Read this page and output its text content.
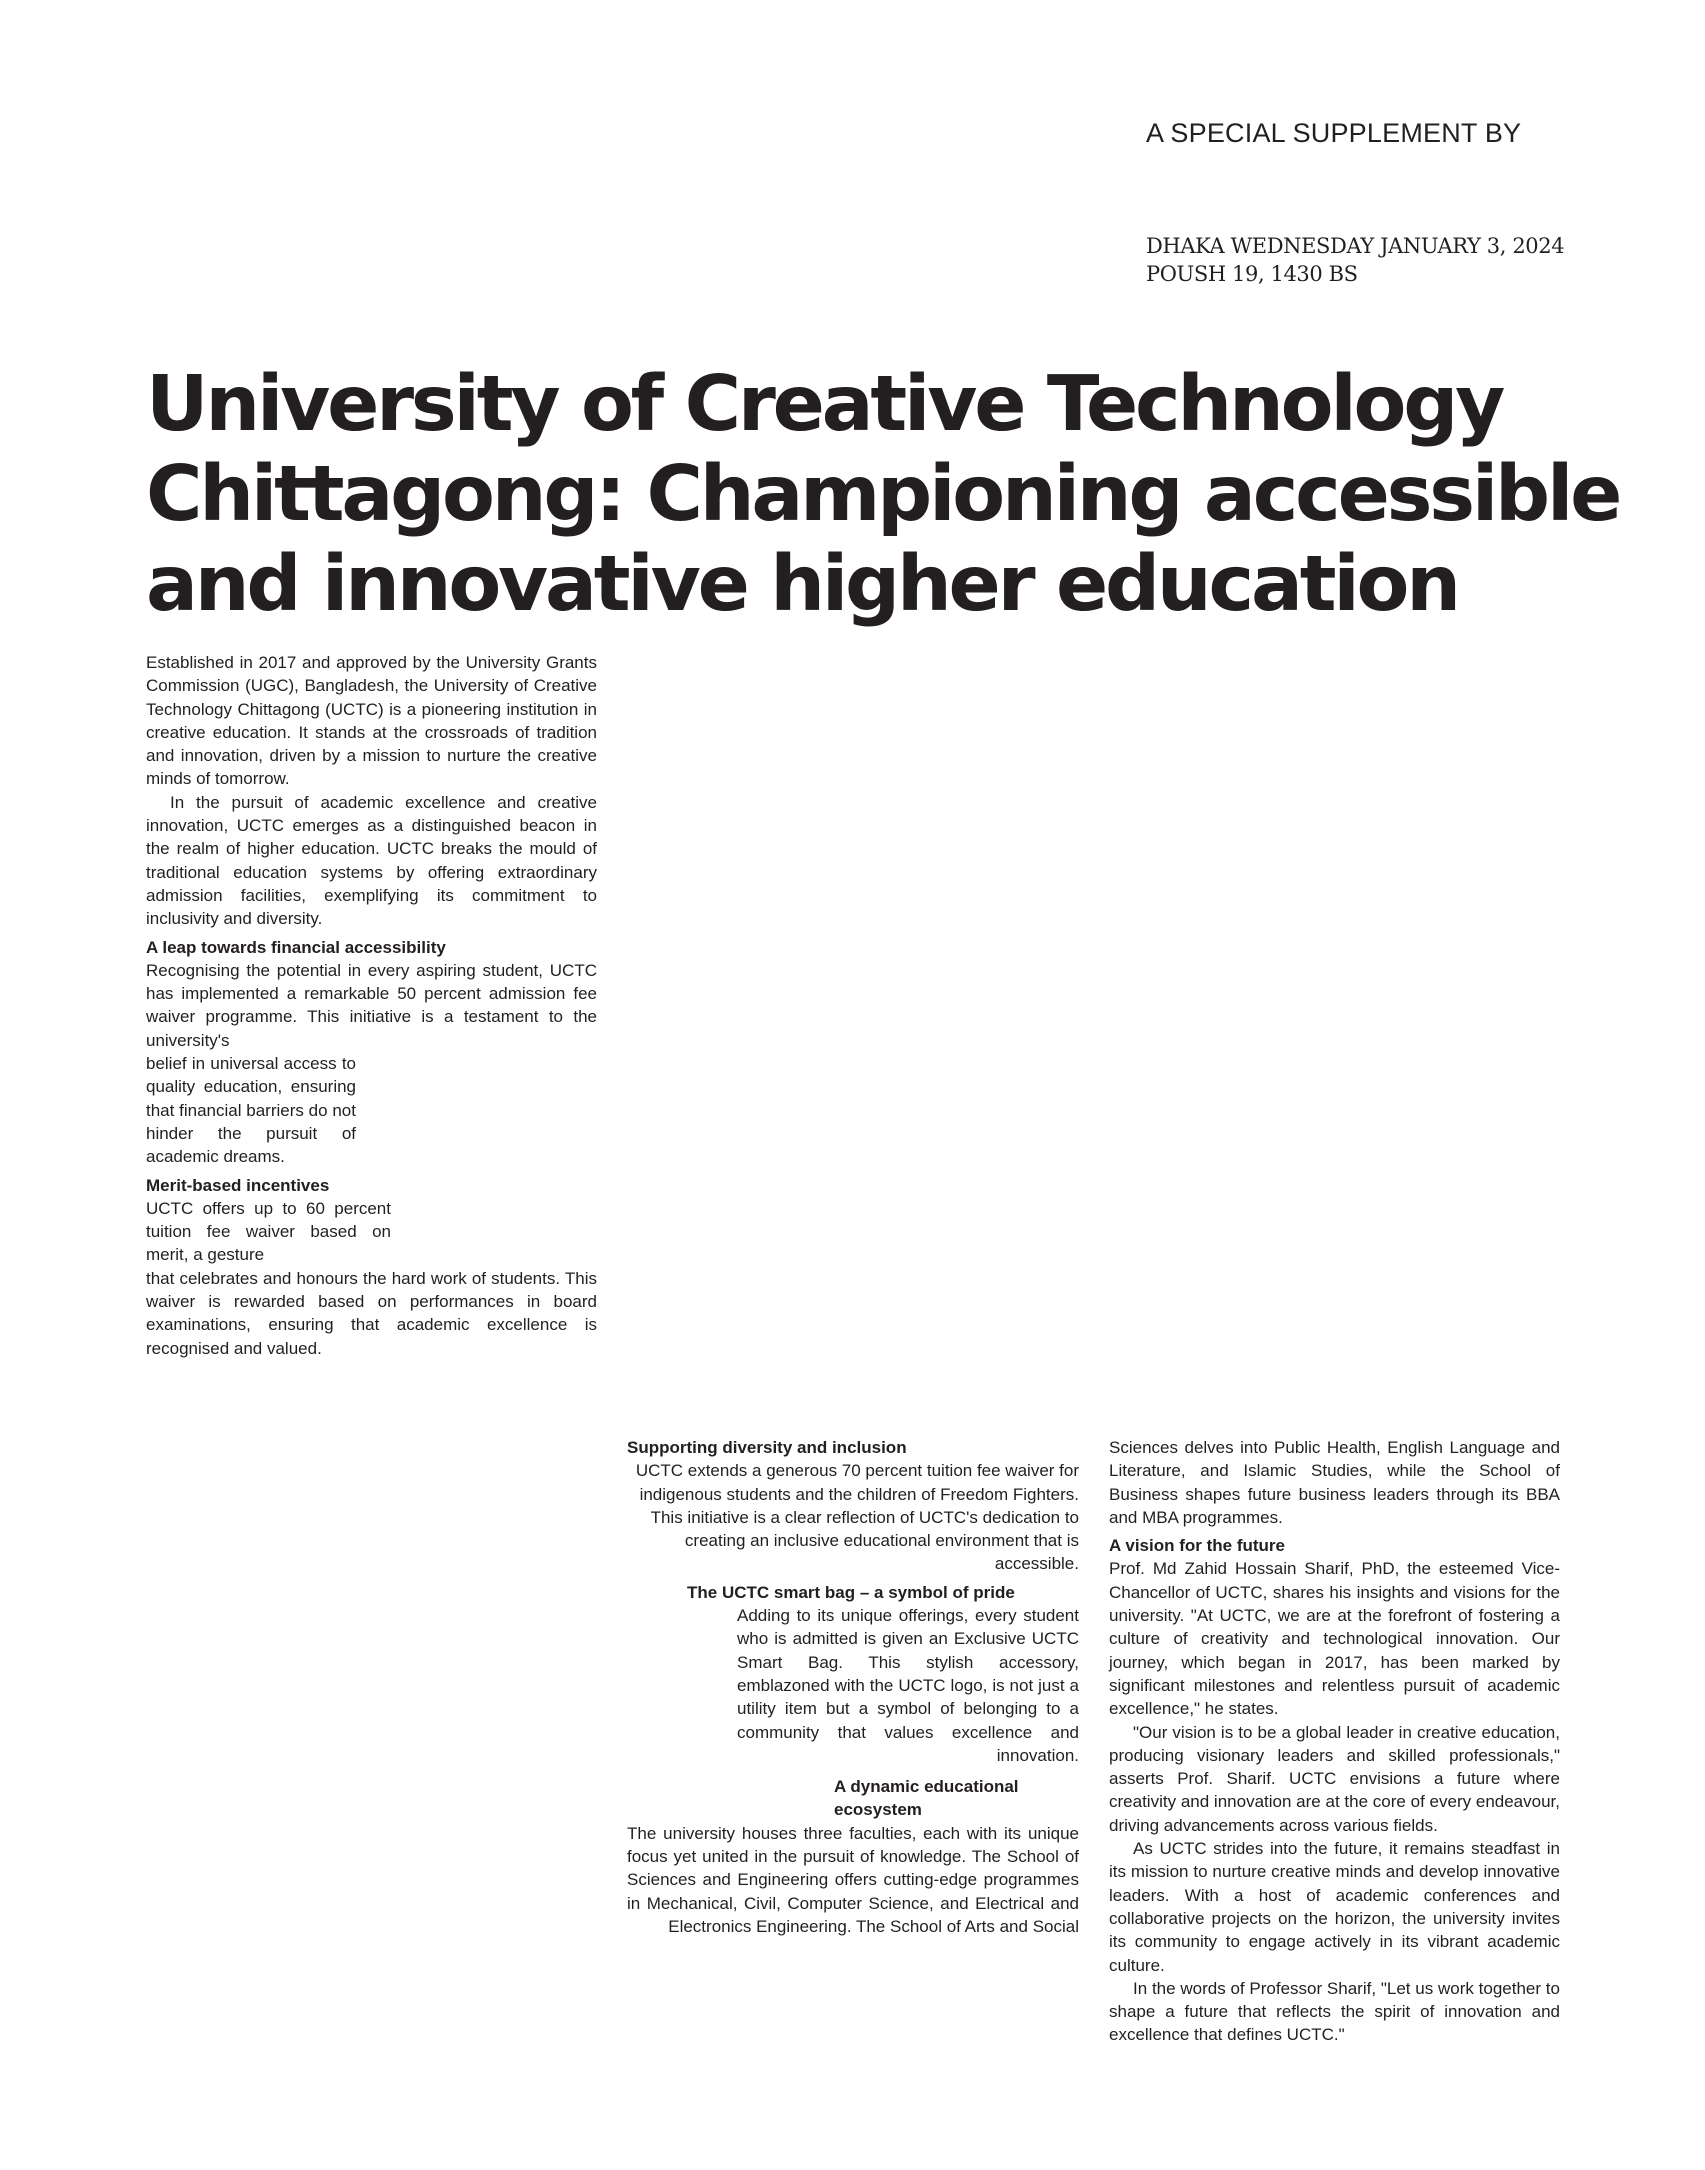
A SPECIAL SUPPLEMENT BY
DHAKA WEDNESDAY JANUARY 3, 2024
POUSH 19, 1430 BS
University of Creative Technology
Chittagong: Championing accessible
and innovative higher education

Established in 2017 and approved by the University Grants Commission (UGC), Bangladesh, the University of Creative Technology Chittagong (UCTC) is a pioneering institution in creative education. It stands at the crossroads of tradition and innovation, driven by a mission to nurture the creative minds of tomorrow.

In the pursuit of academic excellence and creative innovation, UCTC emerges as a distinguished beacon in the realm of higher education. UCTC breaks the mould of traditional education systems by offering extraordinary admission facilities, exemplifying its commitment to inclusivity and diversity.

A leap towards financial accessibility

Recognising the potential in every aspiring student, UCTC has implemented a remarkable 50 percent admission fee waiver programme. This initiative is a testament to the university's

belief in universal access to quality education, ensuring that financial barriers do not hinder the pursuit of academic dreams.

Merit-based incentives

UCTC offers up to 60 percent tuition fee waiver based on merit, a gesture

that celebrates and honours the hard work of students. This waiver is rewarded based on performances in board examinations, ensuring that academic excellence is recognised and valued.

Supporting diversity and inclusion

UCTC extends a generous 70 percent tuition fee waiver for indigenous students and the children of Freedom Fighters. This initiative is a clear reflection of UCTC's dedication to creating an inclusive educational environment that is accessible.

The UCTC smart bag – a symbol of pride

Adding to its unique offerings, every student who is admitted is given an Exclusive UCTC Smart Bag. This stylish accessory, emblazoned with the UCTC logo, is not just a utility item but a symbol of belonging to a community that values excellence and innovation.

A dynamic educational ecosystem

The university houses three faculties, each with its unique focus yet united in the pursuit of knowledge. The School of Sciences and Engineering offers cutting-edge programmes in Mechanical, Civil, Computer Science, and Electrical and Electronics Engineering. The School of Arts and Social

Sciences delves into Public Health, English Language and Literature, and Islamic Studies, while the School of Business shapes future business leaders through its BBA and MBA programmes.

A vision for the future

Prof. Md Zahid Hossain Sharif, PhD, the esteemed Vice-Chancellor of UCTC, shares his insights and visions for the university. "At UCTC, we are at the forefront of fostering a culture of creativity and technological innovation. Our journey, which began in 2017, has been marked by significant milestones and relentless pursuit of academic excellence," he states.

"Our vision is to be a global leader in creative education, producing visionary leaders and skilled professionals," asserts Prof. Sharif. UCTC envisions a future where creativity and innovation are at the core of every endeavour, driving advancements across various fields.

As UCTC strides into the future, it remains steadfast in its mission to nurture creative minds and develop innovative leaders. With a host of academic conferences and collaborative projects on the horizon, the university invites its community to engage actively in its vibrant academic culture.

In the words of Professor Sharif, "Let us work together to shape a future that reflects the spirit of innovation and excellence that defines UCTC."
